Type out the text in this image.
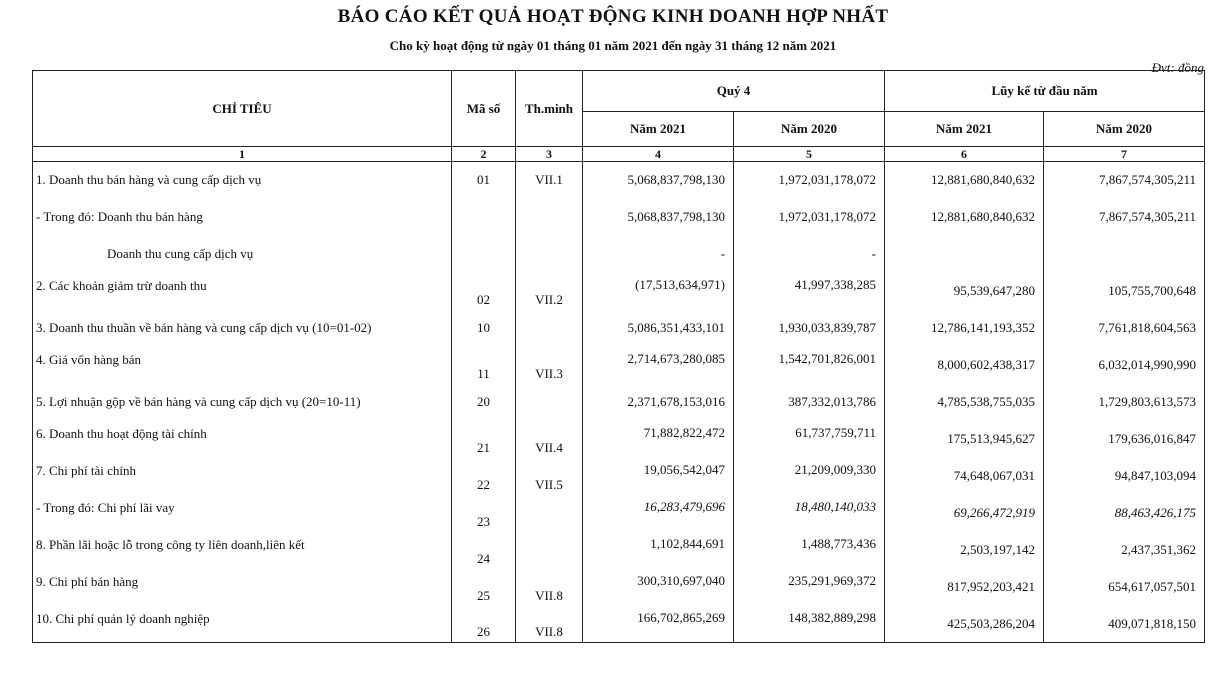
BÁO CÁO KẾT QUẢ HOẠT ĐỘNG KINH DOANH HỢP NHẤT
Cho kỳ hoạt động từ ngày 01 tháng 01 năm 2021 đến ngày 31 tháng 12 năm 2021
Đvt: đồng
CHỈ TIÊU	Mã số	Th.minh	Quý 4		Lũy kế từ đầu năm	
			Năm 2021	Năm 2020	Năm 2021	Năm 2020
1	2	3	4	5	6	7
1. Doanh thu bán hàng và cung cấp dịch vụ	01	VII.1	5,068,837,798,130	1,972,031,178,072	12,881,680,840,632	7,867,574,305,211
- Trong đó: Doanh thu bán hàng			5,068,837,798,130	1,972,031,178,072	12,881,680,840,632	7,867,574,305,211
Doanh thu cung cấp dịch vụ			-	-		
2. Các khoản giảm trừ doanh thu	02	VII.2	(17,513,634,971)	41,997,338,285	95,539,647,280	105,755,700,648
3. Doanh thu thuần về bán hàng và cung cấp dịch vụ (10=01-02)	10		5,086,351,433,101	1,930,033,839,787	12,786,141,193,352	7,761,818,604,563
4. Giá vốn hàng bán	11	VII.3	2,714,673,280,085	1,542,701,826,001	8,000,602,438,317	6,032,014,990,990
5. Lợi nhuận gộp về bán hàng và cung cấp dịch vụ (20=10-11)	20		2,371,678,153,016	387,332,013,786	4,785,538,755,035	1,729,803,613,573
6. Doanh thu hoạt động tài chính	21	VII.4	71,882,822,472	61,737,759,711	175,513,945,627	179,636,016,847
7. Chi phí tài chính	22	VII.5	19,056,542,047	21,209,009,330	74,648,067,031	94,847,103,094
- Trong đó: Chi phí lãi vay	23		16,283,479,696	18,480,140,033	69,266,472,919	88,463,426,175
8. Phần lãi hoặc lỗ trong công ty liên doanh,liên kết	24		1,102,844,691	1,488,773,436	2,503,197,142	2,437,351,362
9. Chi phí bán hàng	25	VII.8	300,310,697,040	235,291,969,372	817,952,203,421	654,617,057,501
10. Chi phí quản lý doanh nghiệp	26	VII.8	166,702,865,269	148,382,889,298	425,503,286,204	409,071,818,150
